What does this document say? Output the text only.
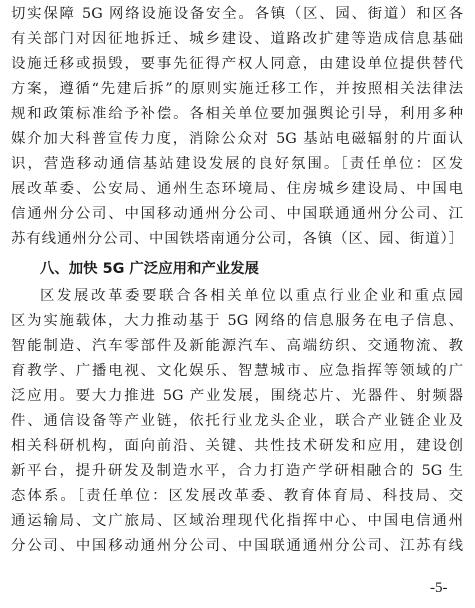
切实保障 5G 网络设施设备安全。各镇（区、园、街道）和区各
有关部门对因征地拆迁、城乡建设、道路改扩建等造成信息基础
设施迁移或损毁，要事先征得产权人同意，由建设单位提供替代
方案，遵循“先建后拆”的原则实施迁移工作，并按照相关法律法
规和政策标准给予补偿。各相关单位要加强舆论引导，利用多种
媒介加大科普宣传力度，消除公众对 5G 基站电磁辐射的片面认
识，营造移动通信基站建设发展的良好氛围。［责任单位：区发
展改革委、公安局、通州生态环境局、住房城乡建设局、中国电
信通州分公司、中国移动通州分公司、中国联通通州分公司、江
苏有线通州分公司、中国铁塔南通分公司，各镇（区、园、街道）］
八、加快 5G 广泛应用和产业发展
区发展改革委要联合各相关单位以重点行业企业和重点园
区为实施载体，大力推动基于 5G 网络的信息服务在电子信息、
智能制造、汽车零部件及新能源汽车、高端纺织、交通物流、教
育教学、广播电视、文化娱乐、智慧城市、应急指挥等领域的广
泛应用。要大力推进 5G 产业发展，围绕芯片、光器件、射频器
件、通信设备等产业链，依托行业龙头企业，联合产业链企业及
相关科研机构，面向前沿、关键、共性技术研发和应用，建设创
新平台，提升研发及制造水平，合力打造产学研相融合的 5G 生
态体系。［责任单位：区发展改革委、教育体育局、科技局、交
通运输局、文广旅局、区域治理现代化指挥中心、中国电信通州
分公司、中国移动通州分公司、中国联通通州分公司、江苏有线
-5-
